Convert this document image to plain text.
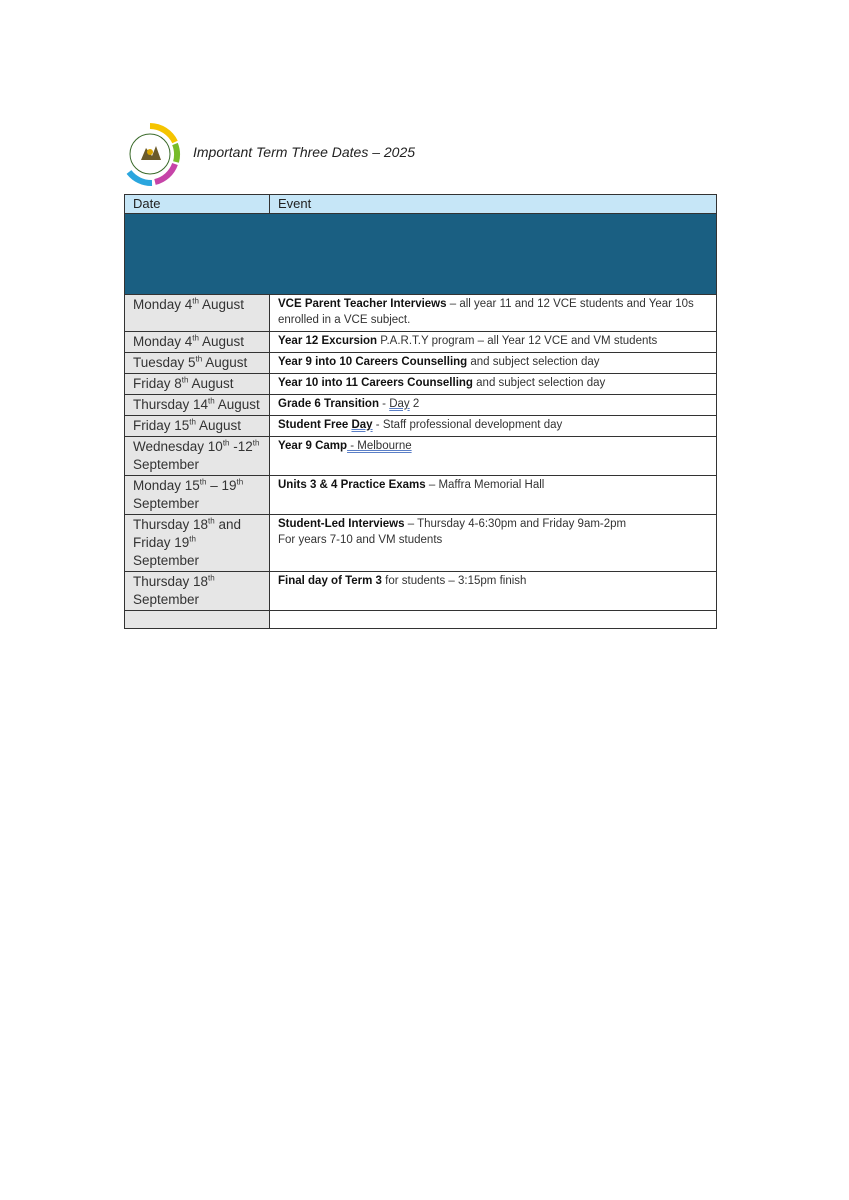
Important Term Three Dates – 2025
Date	Event

Monday 4th August	VCE Parent Teacher Interviews – all year 11 and 12 VCE students and Year 10s enrolled in a VCE subject.
Monday 4th August	Year 12 Excursion P.A.R.T.Y program – all Year 12 VCE and VM students
Tuesday 5th August	Year 9 into 10 Careers Counselling and subject selection day
Friday 8th August	Year 10 into 11 Careers Counselling and subject selection day
Thursday 14th August	Grade 6 Transition - Day 2
Friday 15th August	Student Free Day - Staff professional development day
Wednesday 10th -12th September	Year 9 Camp - Melbourne
Monday 15th – 19th September	Units 3 & 4 Practice Exams – Maffra Memorial Hall
Thursday 18th and Friday 19th September	Student-Led Interviews – Thursday 4-6:30pm and Friday 9am-2pm
For years 7-10 and VM students
Thursday 18th September	Final day of Term 3 for students – 3:15pm finish
